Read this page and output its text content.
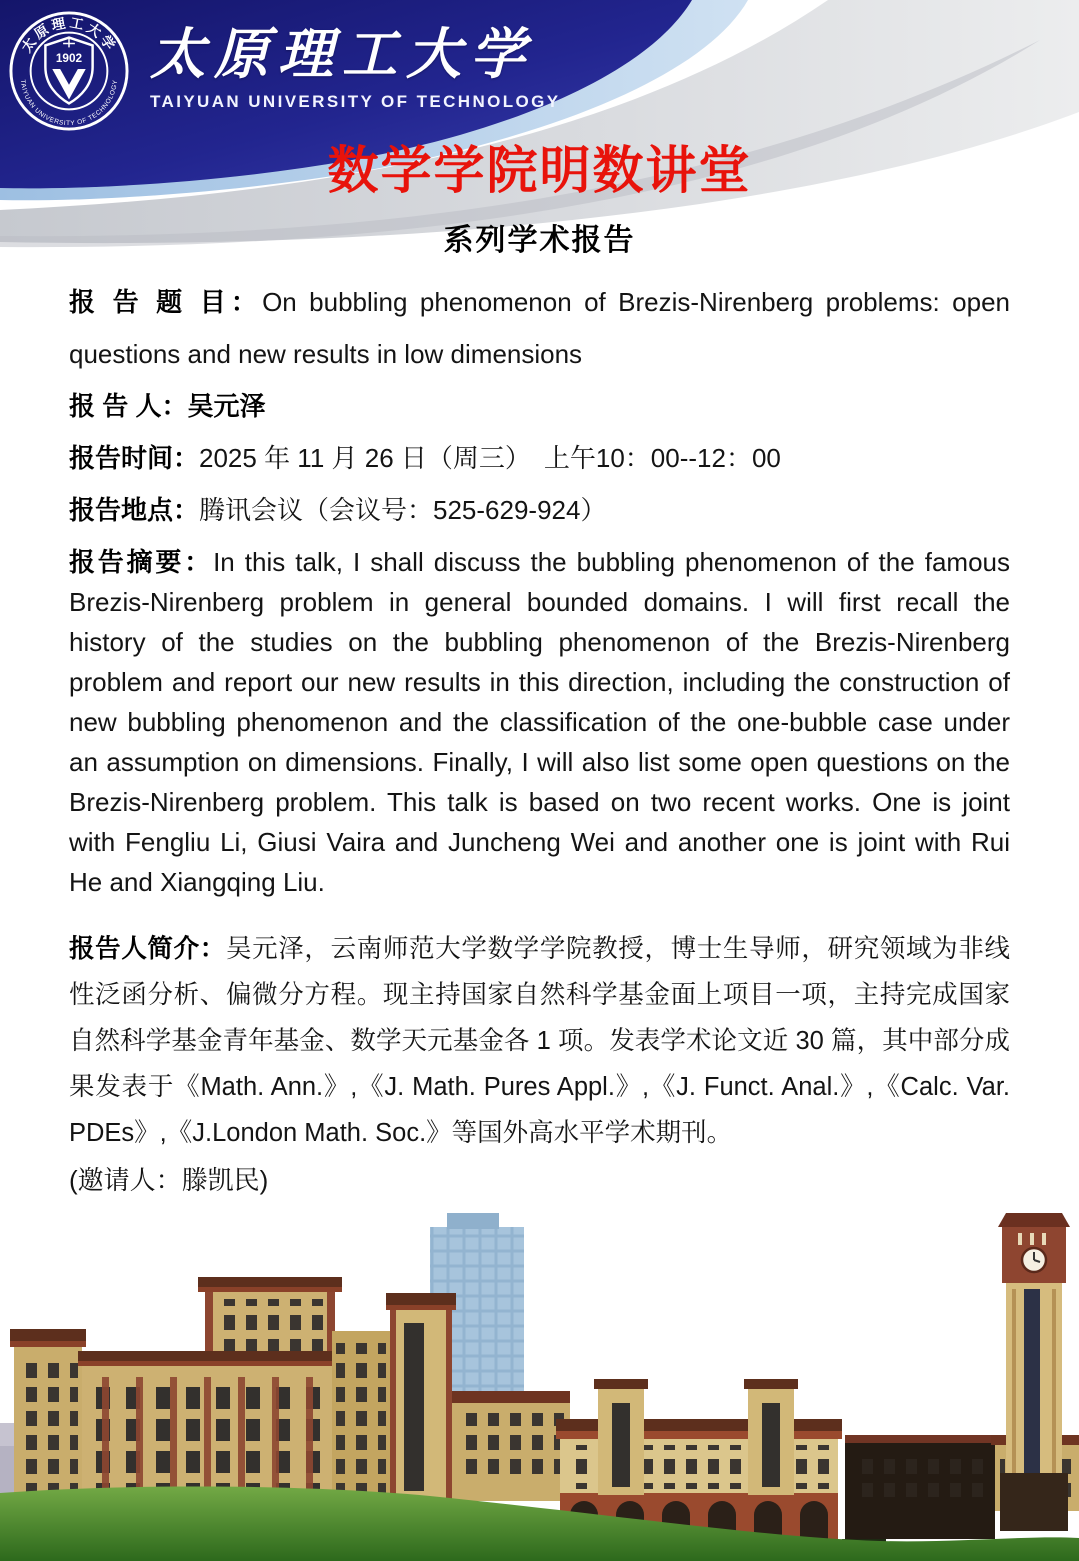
太原理工大学
TAIYUAN UNIVERSITY OF TECHNOLOGY
1902 太原理工大学
TAIYUAN UNIVERSITY OF TECHNOLOGY
数学学院明数讲堂
系列学术报告

报 告 题 目：On bubbling phenomenon of Brezis-Nirenberg problems: open questions and new results in low dimensions

报 告 人：吴元泽

报告时间：2025 年 11 月 26 日（周三）　上午10：00--12：00

报告地点：腾讯会议（会议号：525-629-924）

报告摘要：In this talk, I shall discuss the bubbling phenomenon of the famous Brezis-Nirenberg problem in general bounded domains. I will first recall the history of the studies on the bubbling phenomenon of the Brezis-Nirenberg problem and report our new results in this direction, including the construction of new bubbling phenomenon and the classification of the one-bubble case under an assumption on dimensions. Finally, I will also list some open questions on the Brezis-Nirenberg problem. This talk is based on two recent works. One is joint with Fengliu Li, Giusi Vaira and Juncheng Wei and another one is joint with Rui He and Xiangqing Liu.

报告人简介：吴元泽，云南师范大学数学学院教授，博士生导师，研究领域为非线性泛函分析、偏微分方程。现主持国家自然科学基金面上项目一项，主持完成国家自然科学基金青年基金、数学天元基金各 1 项。发表学术论文近 30 篇，其中部分成果发表于《Math. Ann.》,《J. Math. Pures Appl.》,《J. Funct. Anal.》,《Calc. Var. PDEs》,《J.London Math. Soc.》等国外高水平学术期刊。

(邀请人：滕凯民)
